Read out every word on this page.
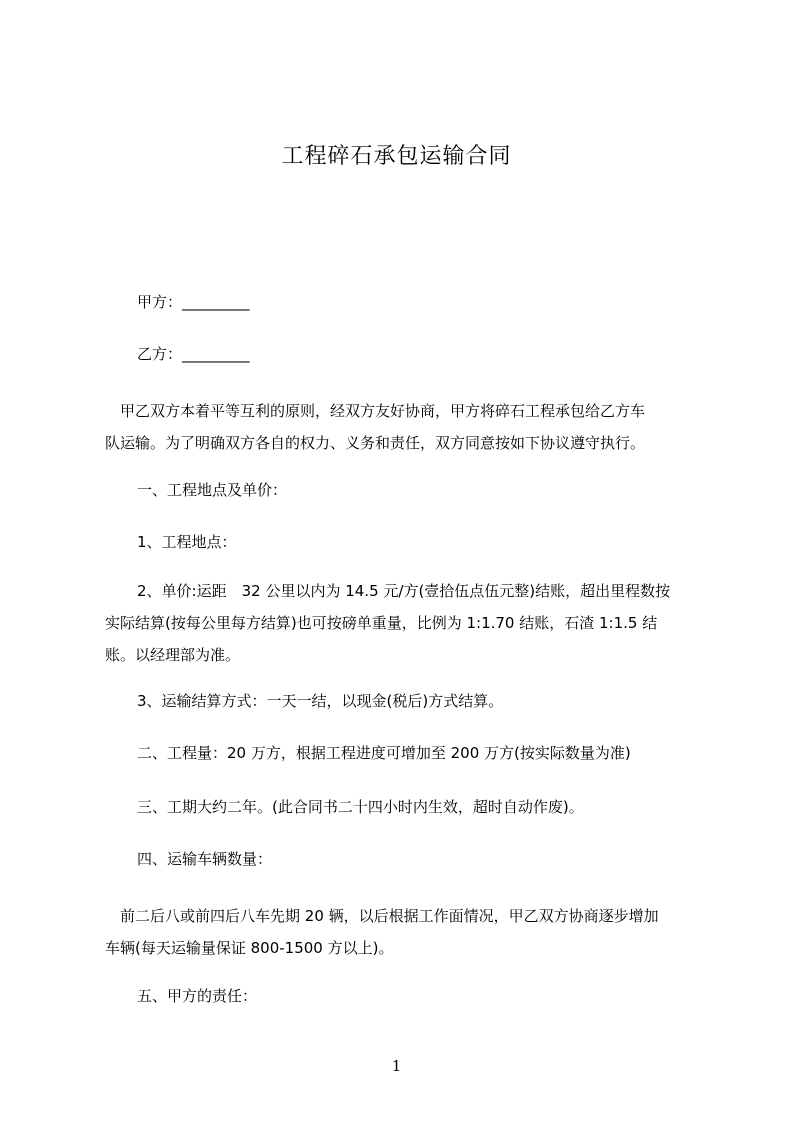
工程碎石承包运输合同
甲方：_________
乙方：_________
　甲乙双方本着平等互利的原则，经双方友好协商，甲方将碎石工程承包给乙方车
队运输。为了明确双方各自的权力、义务和责任，双方同意按如下协议遵守执行。
一、工程地点及单价：
1、工程地点：
2、单价:运距　32 公里以内为 14.5 元/方(壹拾伍点伍元整)结账，超出里程数按
实际结算(按每公里每方结算)也可按磅单重量，比例为 1:1.70 结账，石渣 1:1.5 结
账。以经理部为准。
3、运输结算方式：一天一结，以现金(税后)方式结算。
二、工程量：20 万方，根据工程进度可增加至 200 万方(按实际数量为准)
三、工期大约二年。(此合同书二十四小时内生效，超时自动作废)。
四、运输车辆数量：
　前二后八或前四后八车先期 20 辆，以后根据工作面情况，甲乙双方协商逐步增加
车辆(每天运输量保证 800-1500 方以上)。
五、甲方的责任：
1
